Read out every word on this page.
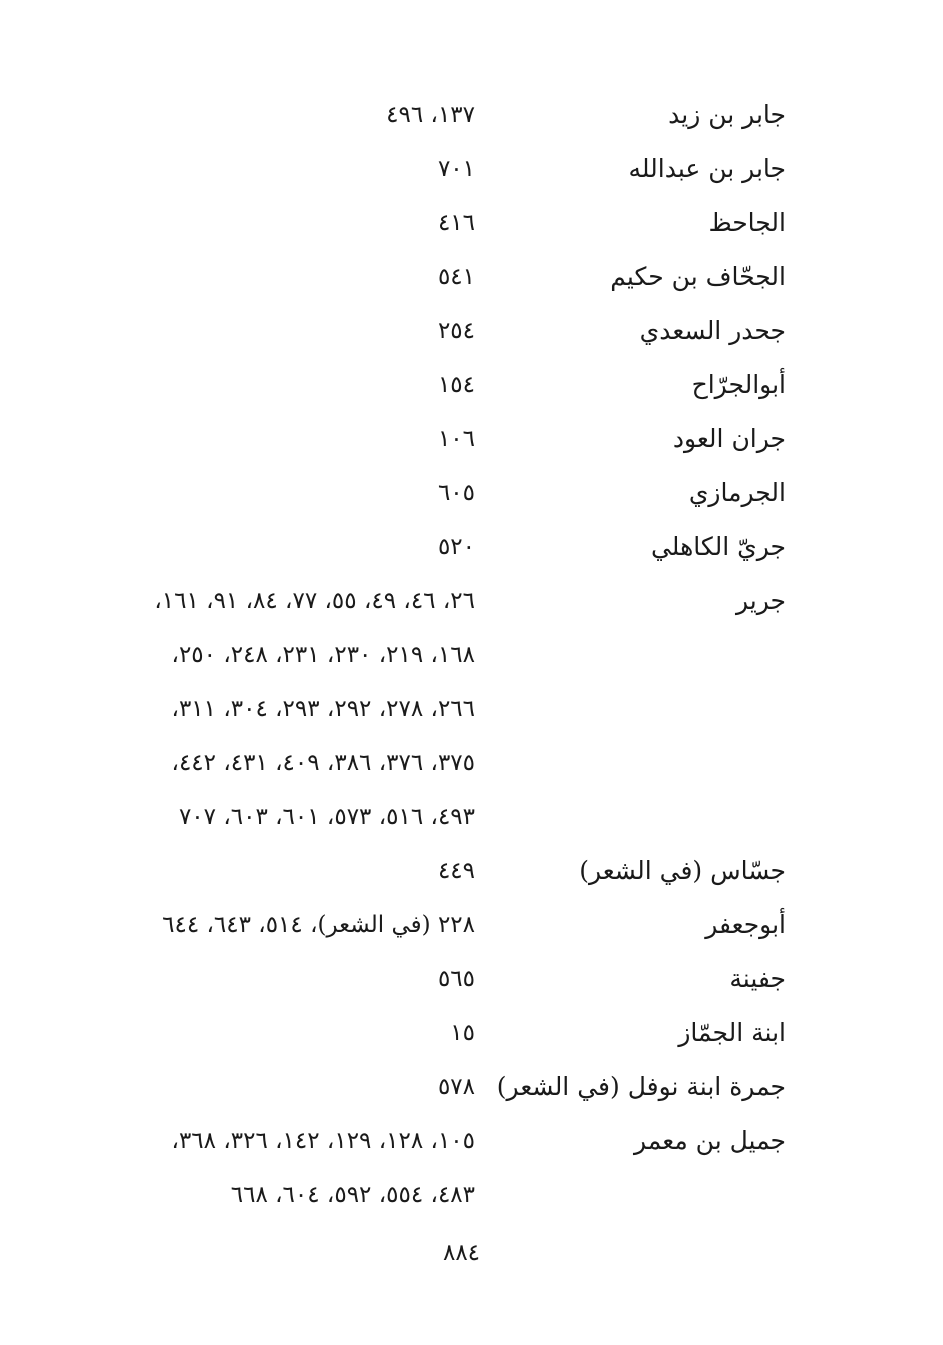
جابر بن زيد
١٣٧، ٤٩٦
جابر بن عبدالله
٧٠١
الجاحظ
٤١٦
الجحّاف بن حكيم
٥٤١
جحدر السعدي
٢٥٤
أبوالجرّاح
١٥٤
جران العود
١٠٦
الجرمازي
٦٠٥
جريّ الكاهلي
٥٢٠
جرير
٢٦، ٤٦، ٤٩، ٥٥، ٧٧، ٨٤، ٩١، ١٦١،
١٦٨، ٢١٩، ٢٣٠، ٢٣١، ٢٤٨، ٢٥٠،
٢٦٦، ٢٧٨، ٢٩٢، ٢٩٣، ٣٠٤، ٣١١،
٣٧٥، ٣٧٦، ٣٨٦، ٤٠٩، ٤٣١، ٤٤٢،
٤٩٣، ٥١٦، ٥٧٣، ٦٠١، ٦٠٣، ٧٠٧
جسّاس (في الشعر)
٤٤٩
أبوجعفر
٢٢٨ (في الشعر)، ٥١٤، ٦٤٣، ٦٤٤
جفينة
٥٦٥
ابنة الجمّاز
١٥
جمرة ابنة نوفل (في الشعر)
٥٧٨
جميل بن معمر
١٠٥، ١٢٨، ١٢٩، ١٤٢، ٣٢٦، ٣٦٨،
٤٨٣، ٥٥٤، ٥٩٢، ٦٠٤، ٦٦٨
٨٨٤
